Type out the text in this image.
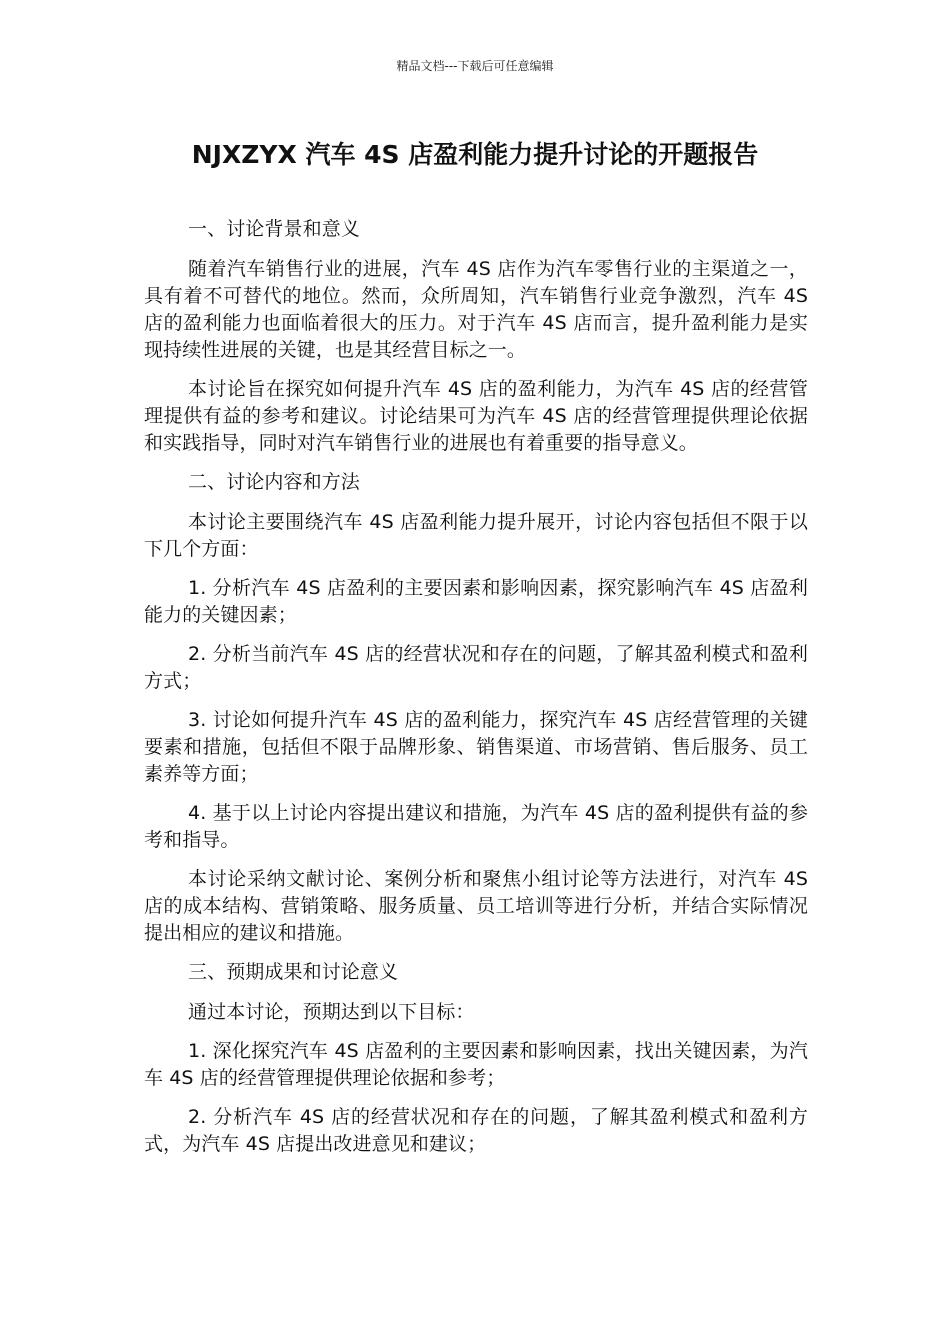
精品文档---下载后可任意编辑
NJXZYX 汽车 4S 店盈利能力提升讨论的开题报告

一、讨论背景和意义

随着汽车销售行业的进展，汽车 4S 店作为汽车零售行业的主渠道之一，具有着不可替代的地位。然而，众所周知，汽车销售行业竞争激烈，汽车 4S 店的盈利能力也面临着很大的压力。对于汽车 4S 店而言，提升盈利能力是实现持续性进展的关键，也是其经营目标之一。

本讨论旨在探究如何提升汽车 4S 店的盈利能力，为汽车 4S 店的经营管理提供有益的参考和建议。讨论结果可为汽车 4S 店的经营管理提供理论依据和实践指导，同时对汽车销售行业的进展也有着重要的指导意义。

二、讨论内容和方法

本讨论主要围绕汽车 4S 店盈利能力提升展开，讨论内容包括但不限于以下几个方面：

1. 分析汽车 4S 店盈利的主要因素和影响因素，探究影响汽车 4S 店盈利能力的关键因素；

2. 分析当前汽车 4S 店的经营状况和存在的问题，了解其盈利模式和盈利方式；

3. 讨论如何提升汽车 4S 店的盈利能力，探究汽车 4S 店经营管理的关键要素和措施，包括但不限于品牌形象、销售渠道、市场营销、售后服务、员工素养等方面；

4. 基于以上讨论内容提出建议和措施，为汽车 4S 店的盈利提供有益的参考和指导。

本讨论采纳文献讨论、案例分析和聚焦小组讨论等方法进行，对汽车 4S 店的成本结构、营销策略、服务质量、员工培训等进行分析，并结合实际情况提出相应的建议和措施。

三、预期成果和讨论意义

通过本讨论，预期达到以下目标：

1. 深化探究汽车 4S 店盈利的主要因素和影响因素，找出关键因素，为汽车 4S 店的经营管理提供理论依据和参考；

2. 分析汽车 4S 店的经营状况和存在的问题，了解其盈利模式和盈利方式，为汽车 4S 店提出改进意见和建议；
